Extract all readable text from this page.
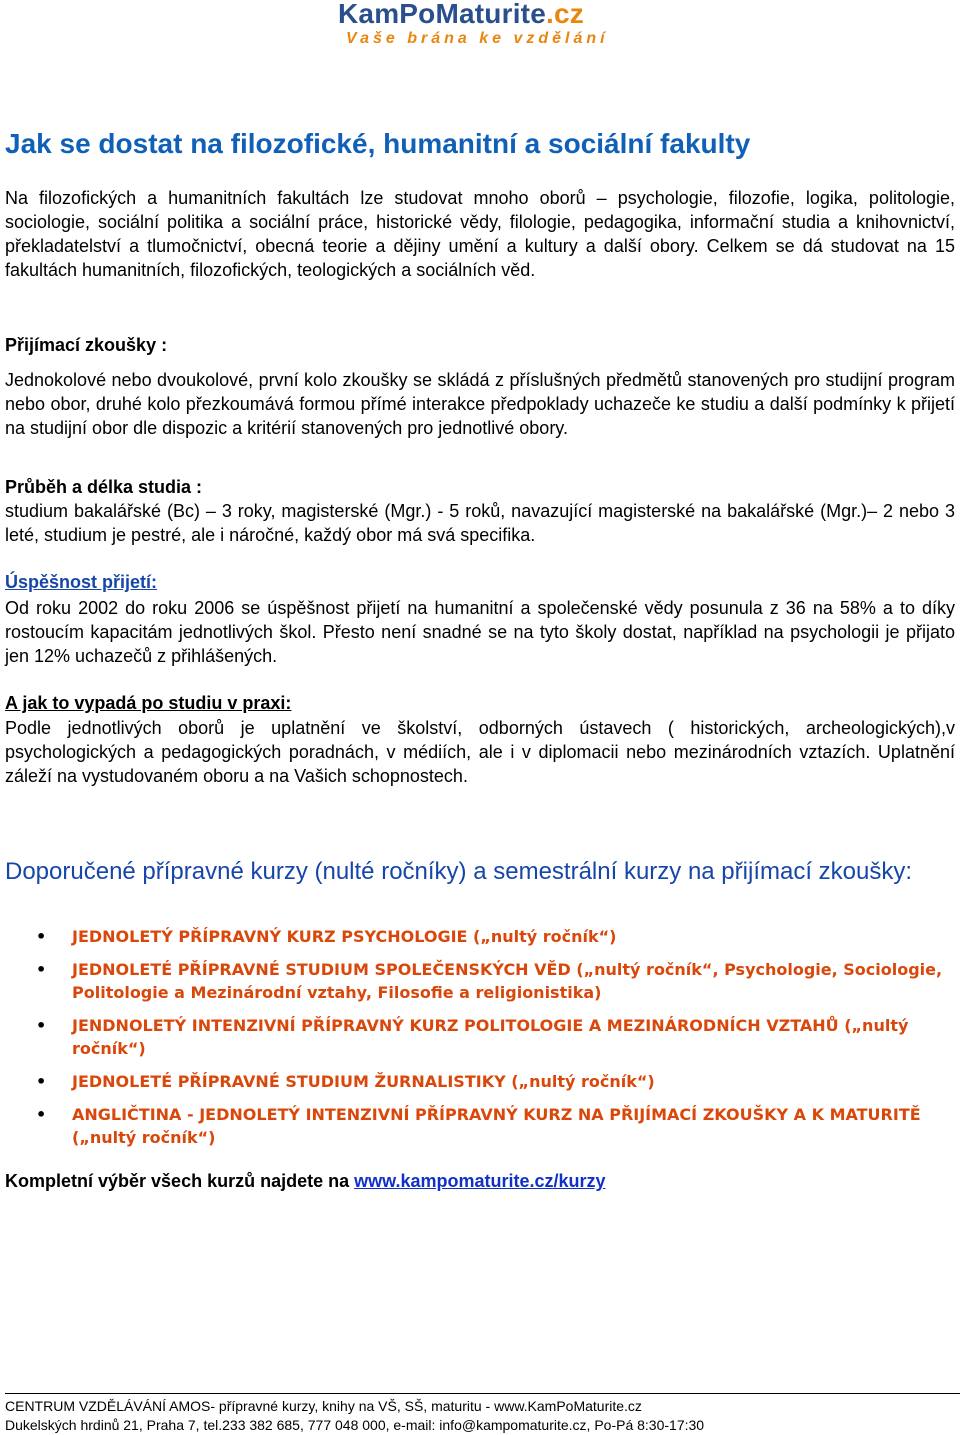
KamPoMaturite.cz
Vaše brána ke vzdělání
Jak se dostat na filozofické, humanitní a sociální fakulty
Na filozofických a humanitních fakultách lze studovat mnoho oborů – psychologie, filozofie, logika, politologie, sociologie, sociální politika a sociální práce, historické vědy, filologie, pedagogika, informační studia a knihovnictví, překladatelství a tlumočnictví, obecná teorie a dějiny umění a kultury a další obory. Celkem se dá studovat na 15 fakultách humanitních, filozofických, teologických a sociálních věd.
Přijímací zkoušky :
Jednokolové nebo dvoukolové, první kolo zkoušky se skládá z příslušných předmětů stanovených pro studijní program nebo obor, druhé kolo přezkoumává formou přímé interakce předpoklady uchazeče ke studiu a další podmínky k přijetí na studijní obor dle dispozic a kritérií stanovených pro jednotlivé obory.
Průběh a délka studia :
studium bakalářské (Bc) – 3 roky, magisterské (Mgr.) - 5 roků, navazující magisterské na bakalářské (Mgr.)– 2 nebo 3 leté, studium je pestré, ale i náročné, každý obor má svá specifika.
Úspěšnost přijetí:
Od roku 2002 do roku 2006 se úspěšnost přijetí na humanitní a společenské vědy posunula z 36 na 58% a to díky rostoucím kapacitám jednotlivých škol. Přesto není snadné se na tyto školy dostat, například na psychologii je přijato jen 12% uchazečů z přihlášených.
A jak to vypadá po studiu v praxi:
Podle jednotlivých oborů je uplatnění ve školství, odborných ústavech ( historických, archeologických),v psychologických a pedagogických poradnách, v médiích, ale i v diplomacii nebo mezinárodních vztazích. Uplatnění záleží na vystudovaném oboru a na Vašich schopnostech.
Doporučené přípravné kurzy (nulté ročníky) a semestrální kurzy na přijímací zkoušky:
• JEDNOLETÝ PŘÍPRAVNÝ KURZ PSYCHOLOGIE („nultý ročník“)
• JEDNOLETÉ PŘÍPRAVNÉ STUDIUM SPOLEČENSKÝCH VĚD („nultý ročník“, Psychologie, Sociologie, Politologie a Mezinárodní vztahy, Filosofie a religionistika)
• JENDNOLETÝ INTENZIVNÍ PŘÍPRAVNÝ KURZ POLITOLOGIE A MEZINÁRODNÍCH VZTAHŮ („nultý ročník“)
• JEDNOLETÉ PŘÍPRAVNÉ STUDIUM ŽURNALISTIKY („nultý ročník“)
• ANGLIČTINA - JEDNOLETÝ INTENZIVNÍ PŘÍPRAVNÝ KURZ NA PŘIJÍMACÍ ZKOUŠKY A K MATURITĚ („nultý ročník“)
Kompletní výběr všech kurzů najdete na www.kampomaturite.cz/kurzy
CENTRUM VZDĚLÁVÁNÍ AMOS- přípravné kurzy, knihy na VŠ, SŠ, maturitu - www.KamPoMaturite.cz
Dukelských hrdinů 21, Praha 7, tel.233 382 685, 777 048 000, e-mail: info@kampomaturite.cz, Po-Pá 8:30-17:30
